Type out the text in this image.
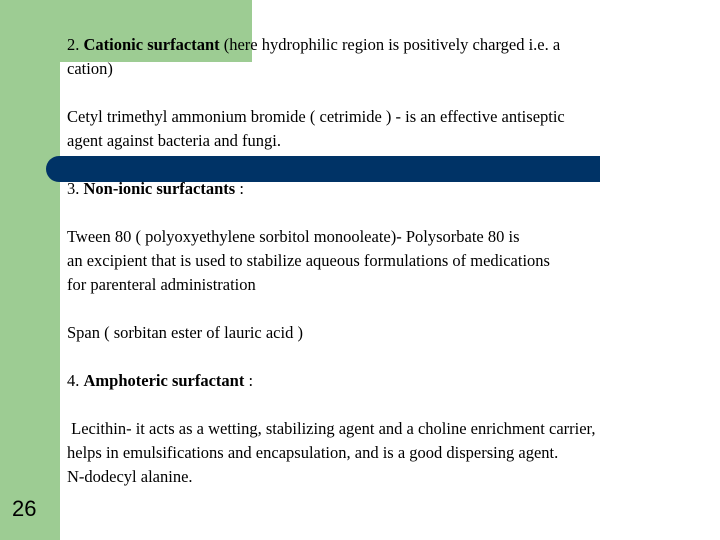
2. Cationic surfactant (here hydrophilic region is positively charged i.e. a

cation)

Cetyl trimethyl ammonium bromide ( cetrimide ) - is an effective antiseptic

agent against bacteria and fungi.

3. Non-ionic surfactants :

Tween 80 ( polyoxyethylene sorbitol monooleate)- Polysorbate 80 is

an excipient that is used to stabilize aqueous formulations of medications

for parenteral administration

Span ( sorbitan ester of lauric acid )

4. Amphoteric surfactant :

Lecithin- it acts as a wetting, stabilizing agent and a choline enrichment carrier,

helps in emulsifications and encapsulation, and is a good dispersing agent.

N-dodecyl alanine.

26
